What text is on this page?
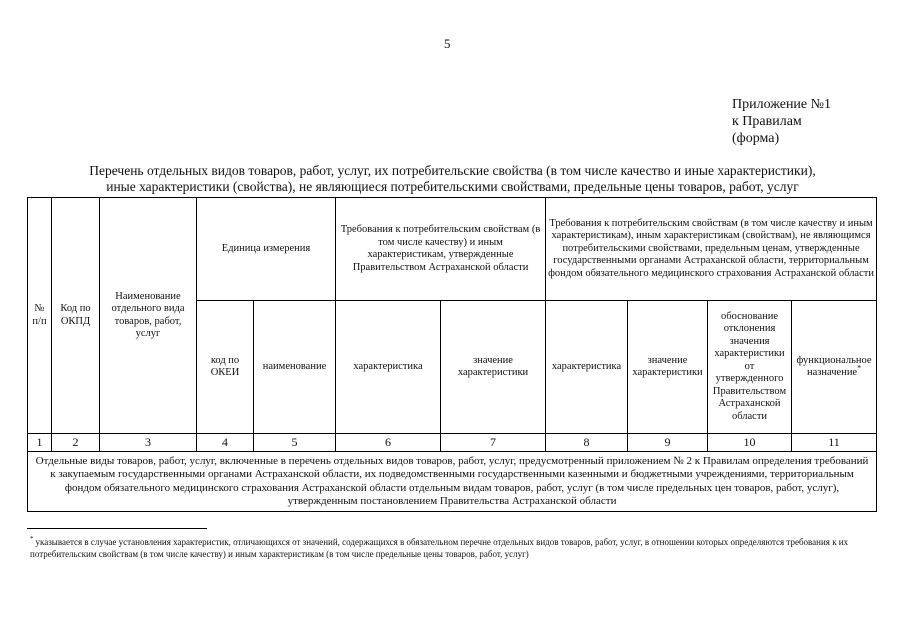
5
Приложение №1
к Правилам
(форма)
Перечень отдельных видов товаров, работ, услуг, их потребительские свойства (в том числе качество и иные характеристики),
иные характеристики (свойства), не являющиеся потребительскими свойствами, предельные цены товаров, работ, услуг
№ п/п	Код по ОКПД	Наименование отдельного вида товаров, работ, услуг	Единица измерения		Требования к потребительским свойствам (в том числе качеству) и иным характеристикам, утвержденные Правительством Астраханской области		Требования к потребительским свойствам (в том числе качеству и иным характеристикам), иным характеристикам (свойствам), не являющимся потребительскими свойствами, предельным ценам, утвержденные государственными органами Астраханской области, территориальным фондом обязательного медицинского страхования Астраханской области			
			код по ОКЕИ	наименование	характеристика	значение характеристики	характеристика	значение характеристики	обоснование отклонения значения характеристики от утвержденного Правительством Астраханской области	функциональное назначение*
1	2	3	4	5	6	7	8	9	10	11
Отдельные виды товаров, работ, услуг, включенные в перечень отдельных видов товаров, работ, услуг, предусмотренный приложением № 2 к Правилам определения требований к закупаемым государственными органами Астраханской области, их подведомственными государственными казенными и бюджетными учреждениями, территориальным фондом обязательного медицинского страхования Астраханской области отдельным видам товаров, работ, услуг (в том числе предельных цен товаров, работ, услуг), утвержденным постановлением Правительства Астраханской области										
* указывается в случае установления характеристик, отличающихся от значений, содержащихся в обязательном перечне отдельных видов товаров, работ, услуг, в отношении которых определяются требования к их потребительским свойствам (в том числе качеству) и иным характеристикам (в том числе предельные цены товаров, работ, услуг)
